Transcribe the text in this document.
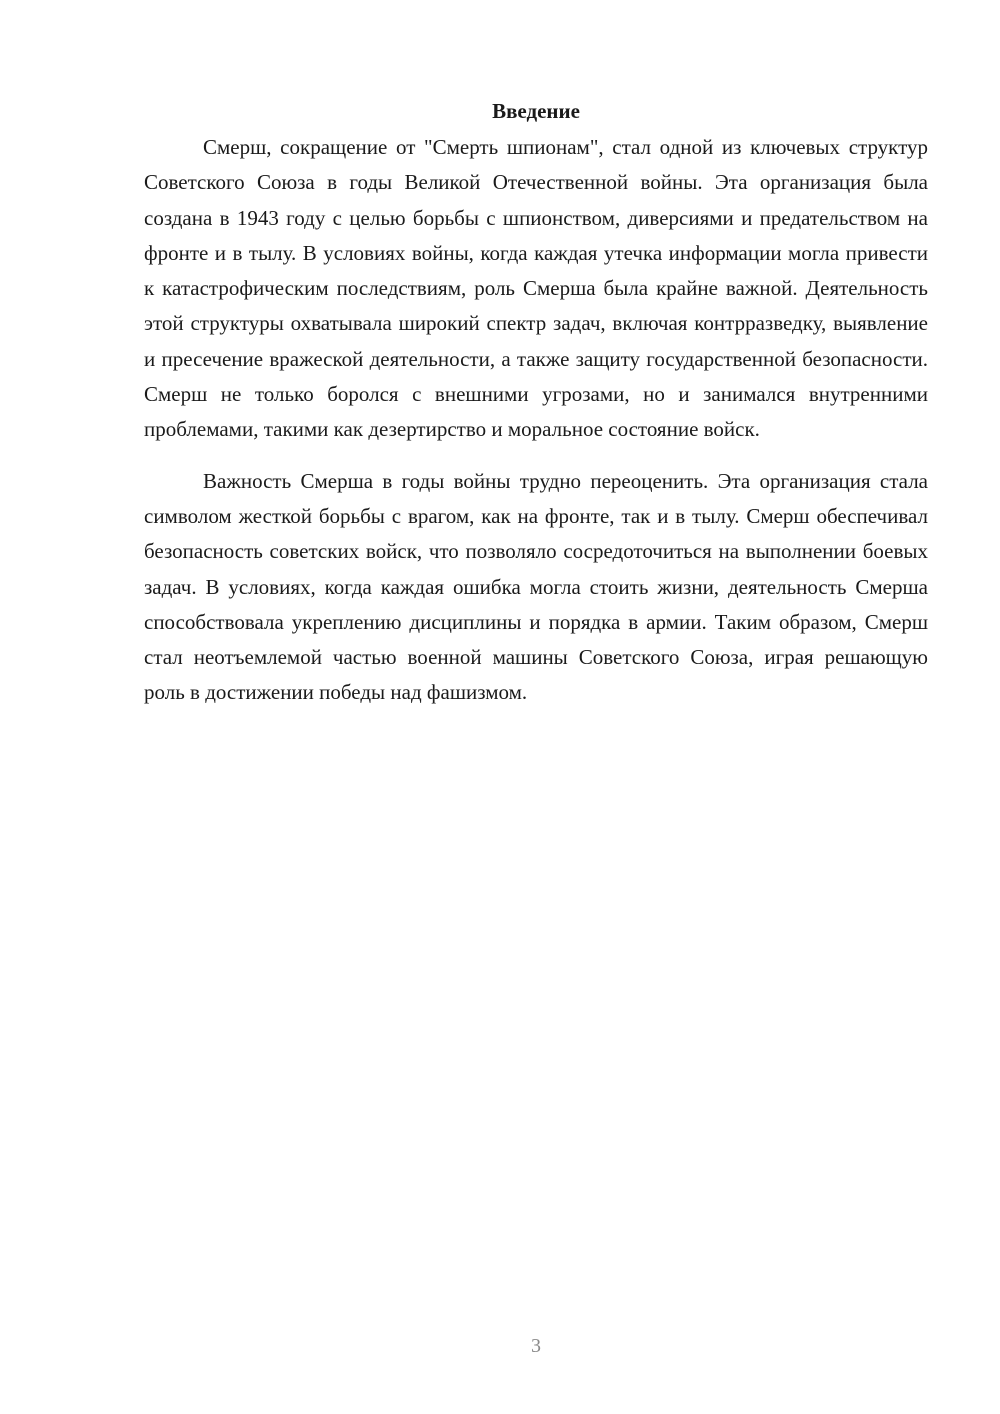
Введение

Смерш, сокращение от "Смерть шпионам", стал одной из ключевых структур Советского Союза в годы Великой Отечественной войны. Эта организация была создана в 1943 году с целью борьбы с шпионством, диверсиями и предательством на фронте и в тылу. В условиях войны, когда каждая утечка информации могла привести к катастрофическим последствиям, роль Смерша была крайне важной. Деятельность этой структуры охватывала широкий спектр задач, включая контрразведку, выявление и пресечение вражеской деятельности, а также защиту государственной безопасности. Смерш не только боролся с внешними угрозами, но и занимался внутренними проблемами, такими как дезертирство и моральное состояние войск.

Важность Смерша в годы войны трудно переоценить. Эта организация стала символом жесткой борьбы с врагом, как на фронте, так и в тылу. Смерш обеспечивал безопасность советских войск, что позволяло сосредоточиться на выполнении боевых задач. В условиях, когда каждая ошибка могла стоить жизни, деятельность Смерша способствовала укреплению дисциплины и порядка в армии. Таким образом, Смерш стал неотъемлемой частью военной машины Советского Союза, играя решающую роль в достижении победы над фашизмом.

3
